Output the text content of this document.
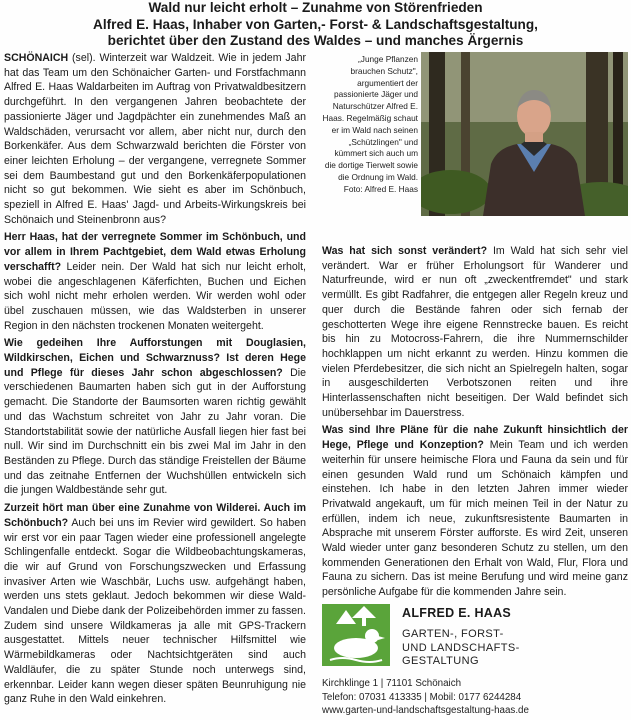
Wald nur leicht erholt – Zunahme von Störenfrieden
Alfred E. Haas, Inhaber von Garten,- Forst- & Landschaftsgestaltung,
berichtet über den Zustand des Waldes – und manches Ärgernis

SCHÖNAICH (sel). Winterzeit war Waldzeit. Wie in jedem Jahr hat das Team um den Schönaicher Garten- und Forstfachmann Alfred E. Haas Waldarbeiten im Auftrag von Privatwaldbesitzern durchgeführt. In den vergangenen Jahren beobachtete der passionierte Jäger und Jagdpächter ein zunehmendes Maß an Waldschäden, verursacht vor allem, aber nicht nur, durch den Borkenkäfer. Aus dem Schwarzwald berichten die Förster von einer leichten Erholung – der vergangene, verregnete Sommer sei dem Baumbestand gut und den Borkenkäferpopulationen nicht so gut bekommen. Wie sieht es aber im Schönbuch, speziell in Alfred E. Haas' Jagd- und Arbeits-Wirkungskreis bei Schönaich und Steinenbronn aus?

Herr Haas, hat der verregnete Sommer im Schönbuch, und vor allem in Ihrem Pachtgebiet, dem Wald etwas Erholung verschafft? Leider nein. Der Wald hat sich nur leicht erholt, wobei die angeschlagenen Käferfichten, Buchen und Eichen sich wohl nicht mehr erholen werden. Wir werden wohl oder übel zuschauen müssen, wie das Waldsterben in unserer Region in den nächsten trockenen Monaten weitergeht.

Wie gedeihen Ihre Aufforstungen mit Douglasien, Wildkirschen, Eichen und Schwarznuss? Ist deren Hege und Pflege für dieses Jahr schon abgeschlossen? Die verschiedenen Baumarten haben sich gut in der Aufforstung gemacht. Die Standorte der Baumsorten waren richtig gewählt und das Wachstum schreitet von Jahr zu Jahr voran. Die Standortstabilität sowie der natürliche Ausfall liegen hier fast bei null. Wir sind im Durchschnitt ein bis zwei Mal im Jahr in den Beständen zu Pflege. Durch das ständige Freistellen der Bäume und das zeitnahe Entfernen der Wuchshüllen entwickeln sich die jungen Waldbestände sehr gut.

Zurzeit hört man über eine Zunahme von Wilderei. Auch im Schönbuch? Auch bei uns im Revier wird gewildert. So haben wir erst vor ein paar Tagen wieder eine professionell angelegte Schlingenfalle entdeckt. Sogar die Wildbeobachtungskameras, die wir auf Grund von Forschungszwecken und Erfassung invasiver Arten wie Waschbär, Luchs usw. aufgehängt haben, werden uns stets geklaut. Jedoch bekommen wir diese Wald-Vandalen und Diebe dank der Polizeibehörden immer zu fassen. Zudem sind unsere Wildkameras ja alle mit GPS-Trackern ausgestattet. Mittels neuer technischer Hilfsmittel wie Wärmebildkameras oder Nachtsichtgeräten sind auch Waldläufer, die zu später Stunde noch unterwegs sind, erkennbar. Leider kann wegen dieser späten Beunruhigung nie ganz Ruhe in den Wald einkehren.

„Junge Pflanzen brauchen Schutz", argumentiert der passionierte Jäger und Naturschützer Alfred E. Haas. Regelmäßig schaut er im Wald nach seinen „Schützlingen" und kümmert sich auch um die dortige Tierwelt sowie die Ordnung im Wald. Foto: Alfred E. Haas

Was hat sich sonst verändert? Im Wald hat sich sehr viel verändert. War er früher Erholungsort für Wanderer und Naturfreunde, wird er nun oft „zweckentfremdet" und stark vermüllt. Es gibt Radfahrer, die entgegen aller Regeln kreuz und quer durch die Bestände fahren oder sich fernab der geschotterten Wege ihre eigene Rennstrecke bauen. Es reicht bis hin zu Motocross-Fahrern, die ihre Nummernschilder hochklappen um nicht erkannt zu werden. Hinzu kommen die vielen Pferdebesitzer, die sich nicht an Spielregeln halten, sogar in ausgeschilderten Verbotszonen reiten und ihre Hinterlassenschaften nicht beseitigen. Der Wald befindet sich unübersehbar im Dauerstress.

Was sind Ihre Pläne für die nahe Zukunft hinsichtlich der Hege, Pflege und Konzeption? Mein Team und ich werden weiterhin für unsere heimische Flora und Fauna da sein und für einen gesunden Wald rund um Schönaich kämpfen und einstehen. Ich habe in den letzten Jahren immer wieder Privatwald angekauft, um für mich meinen Teil in der Natur zu erfüllen, indem ich neue, zukunftsresistente Baumarten in Absprache mit unserem Förster aufforste. Es wird Zeit, unseren Wald wieder unter ganz besonderen Schutz zu stellen, um den kommenden Generationen den Erhalt von Wald, Flur, Flora und Fauna zu sichern. Das ist meine Berufung und wird meine ganz persönliche Aufgabe für die kommenden Jahre sein.

ALFRED E. HAAS
GARTEN-, FORST-
UND LANDSCHAFTS-
GESTALTUNG
Kirchklinge 1 | 71101 Schönaich
Telefon: 07031 413335 | Mobil: 0177 6244284
www.garten-und-landschaftsgestaltung-haas.de
